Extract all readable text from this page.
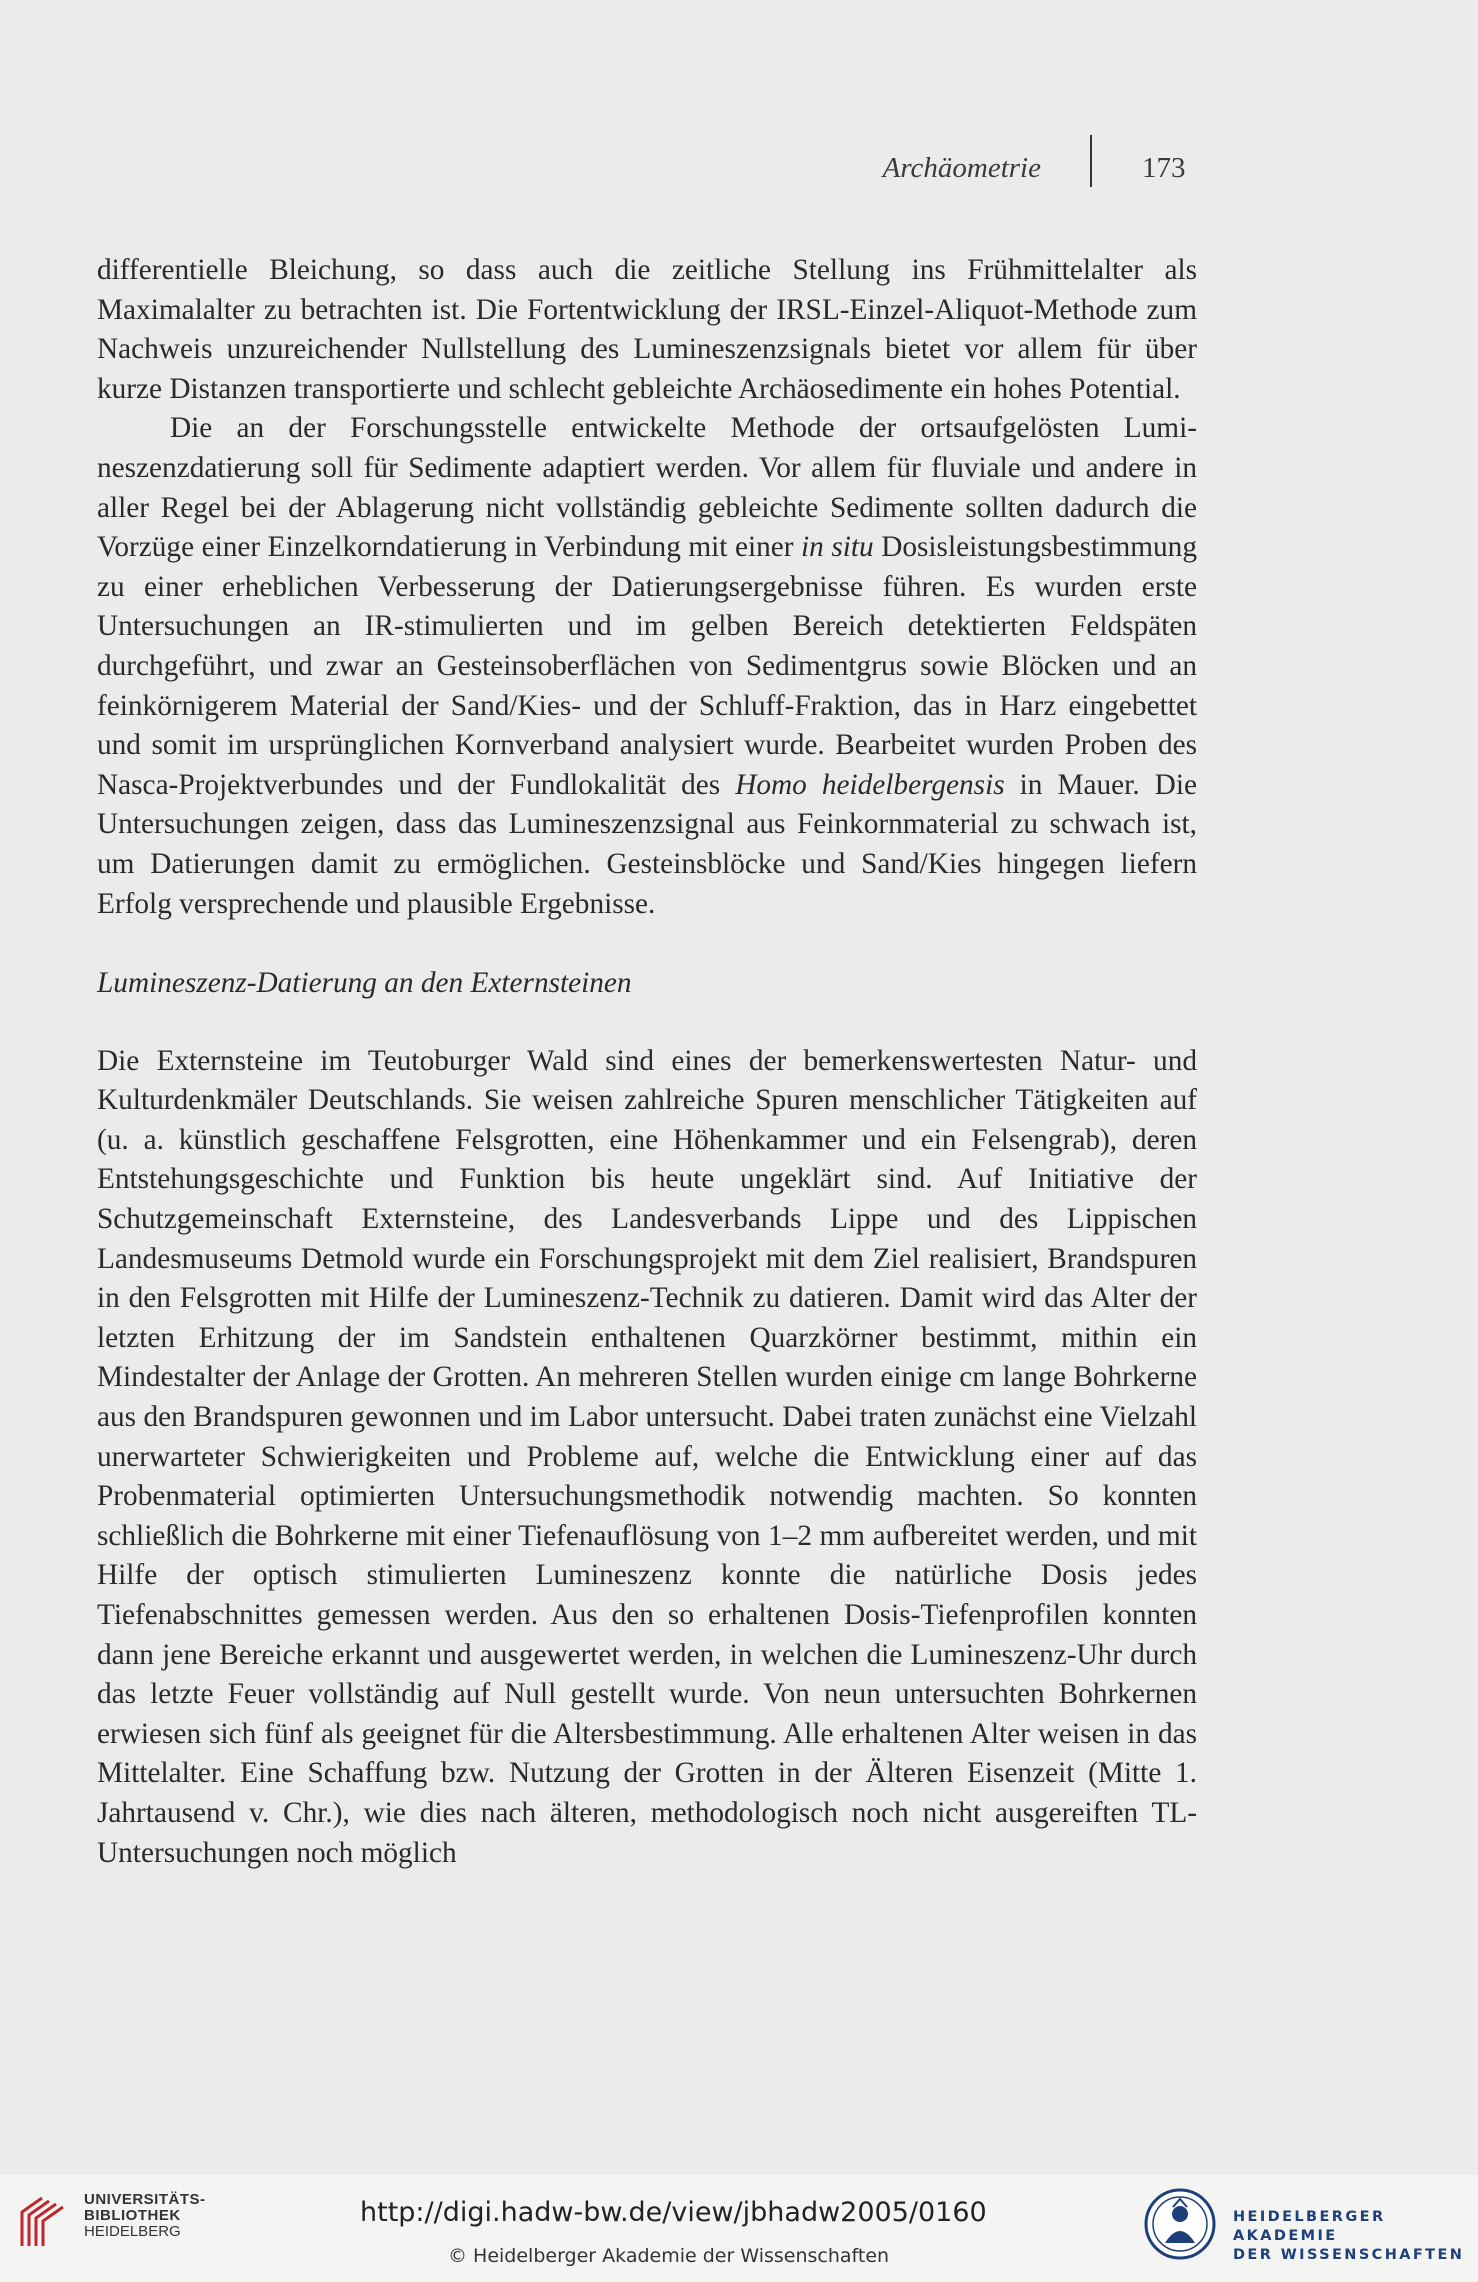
Archäometrie	173

differentielle Bleichung, so dass auch die zeitliche Stellung ins Frühmittelalter als Maximalalter zu betrachten ist. Die Fortentwicklung der IRSL-Einzel-Aliquot-Methode zum Nachweis unzureichender Nullstellung des Lumineszenzsignals bietet vor allem für über kurze Distanzen transportierte und schlecht gebleichte Archäosedimente ein hohes Potential.

Die an der Forschungsstelle entwickelte Methode der ortsaufgelösten Lumineszenzdatierung soll für Sedimente adaptiert werden. Vor allem für fluviale und andere in aller Regel bei der Ablagerung nicht vollständig gebleichte Sedimente sollten dadurch die Vorzüge einer Einzelkorndatierung in Verbindung mit einer in situ Dosisleistungsbestimmung zu einer erheblichen Verbesserung der Datierungsergebnisse führen. Es wurden erste Untersuchungen an IR-stimulierten und im gelben Bereich detektierten Feldspäten durchgeführt, und zwar an Gesteinsoberflächen von Sedimentgrus sowie Blöcken und an feinkörnigerem Material der Sand/Kies- und der Schluff-Fraktion, das in Harz eingebettet und somit im ursprünglichen Kornverband analysiert wurde. Bearbeitet wurden Proben des Nasca-Projektverbundes und der Fundlokalität des Homo heidelbergensis in Mauer. Die Untersuchungen zeigen, dass das Lumineszenzsignal aus Feinkornmaterial zu schwach ist, um Datierungen damit zu ermöglichen. Gesteinsblöcke und Sand/Kies hingegen liefern Erfolg versprechende und plausible Ergebnisse.

Lumineszenz-Datierung an den Externsteinen

Die Externsteine im Teutoburger Wald sind eines der bemerkenswertesten Natur- und Kulturdenkmäler Deutschlands. Sie weisen zahlreiche Spuren menschlicher Tätigkeiten auf (u. a. künstlich geschaffene Felsgrotten, eine Höhenkammer und ein Felsengrab), deren Entstehungsgeschichte und Funktion bis heute ungeklärt sind. Auf Initiative der Schutzgemeinschaft Externsteine, des Landesverbands Lippe und des Lippischen Landesmuseums Detmold wurde ein Forschungsprojekt mit dem Ziel realisiert, Brandspuren in den Felsgrotten mit Hilfe der Lumineszenz-Technik zu datieren. Damit wird das Alter der letzten Erhitzung der im Sandstein enthaltenen Quarzkörner bestimmt, mithin ein Mindestalter der Anlage der Grotten. An mehreren Stellen wurden einige cm lange Bohrkerne aus den Brandspuren gewonnen und im Labor untersucht. Dabei traten zunächst eine Vielzahl unerwarteter Schwierigkeiten und Probleme auf, welche die Entwicklung einer auf das Probenmaterial optimierten Untersuchungsmethodik notwendig machten. So konnten schließlich die Bohrkerne mit einer Tiefenauflösung von 1–2 mm aufbereitet werden, und mit Hilfe der optisch stimulierten Lumineszenz konnte die natürliche Dosis jedes Tiefenabschnittes gemessen werden. Aus den so erhaltenen Dosis-Tiefenprofilen konnten dann jene Bereiche erkannt und ausgewertet werden, in welchen die Lumineszenz-Uhr durch das letzte Feuer vollständig auf Null gestellt wurde. Von neun untersuchten Bohrkernen erwiesen sich fünf als geeignet für die Altersbestimmung. Alle erhaltenen Alter weisen in das Mittelalter. Eine Schaffung bzw. Nutzung der Grotten in der Älteren Eisenzeit (Mitte 1. Jahrtausend v. Chr.), wie dies nach älteren, methodologisch noch nicht ausgereiften TL-Untersuchungen noch möglich

UNIVERSITÄTS-
BIBLIOTHEK
HEIDELBERG
http://digi.hadw-bw.de/view/jbhadw2005/0160
© Heidelberger Akademie der Wissenschaften
HEIDELBERGER AKADEMIE
DER WISSENSCHAFTEN
